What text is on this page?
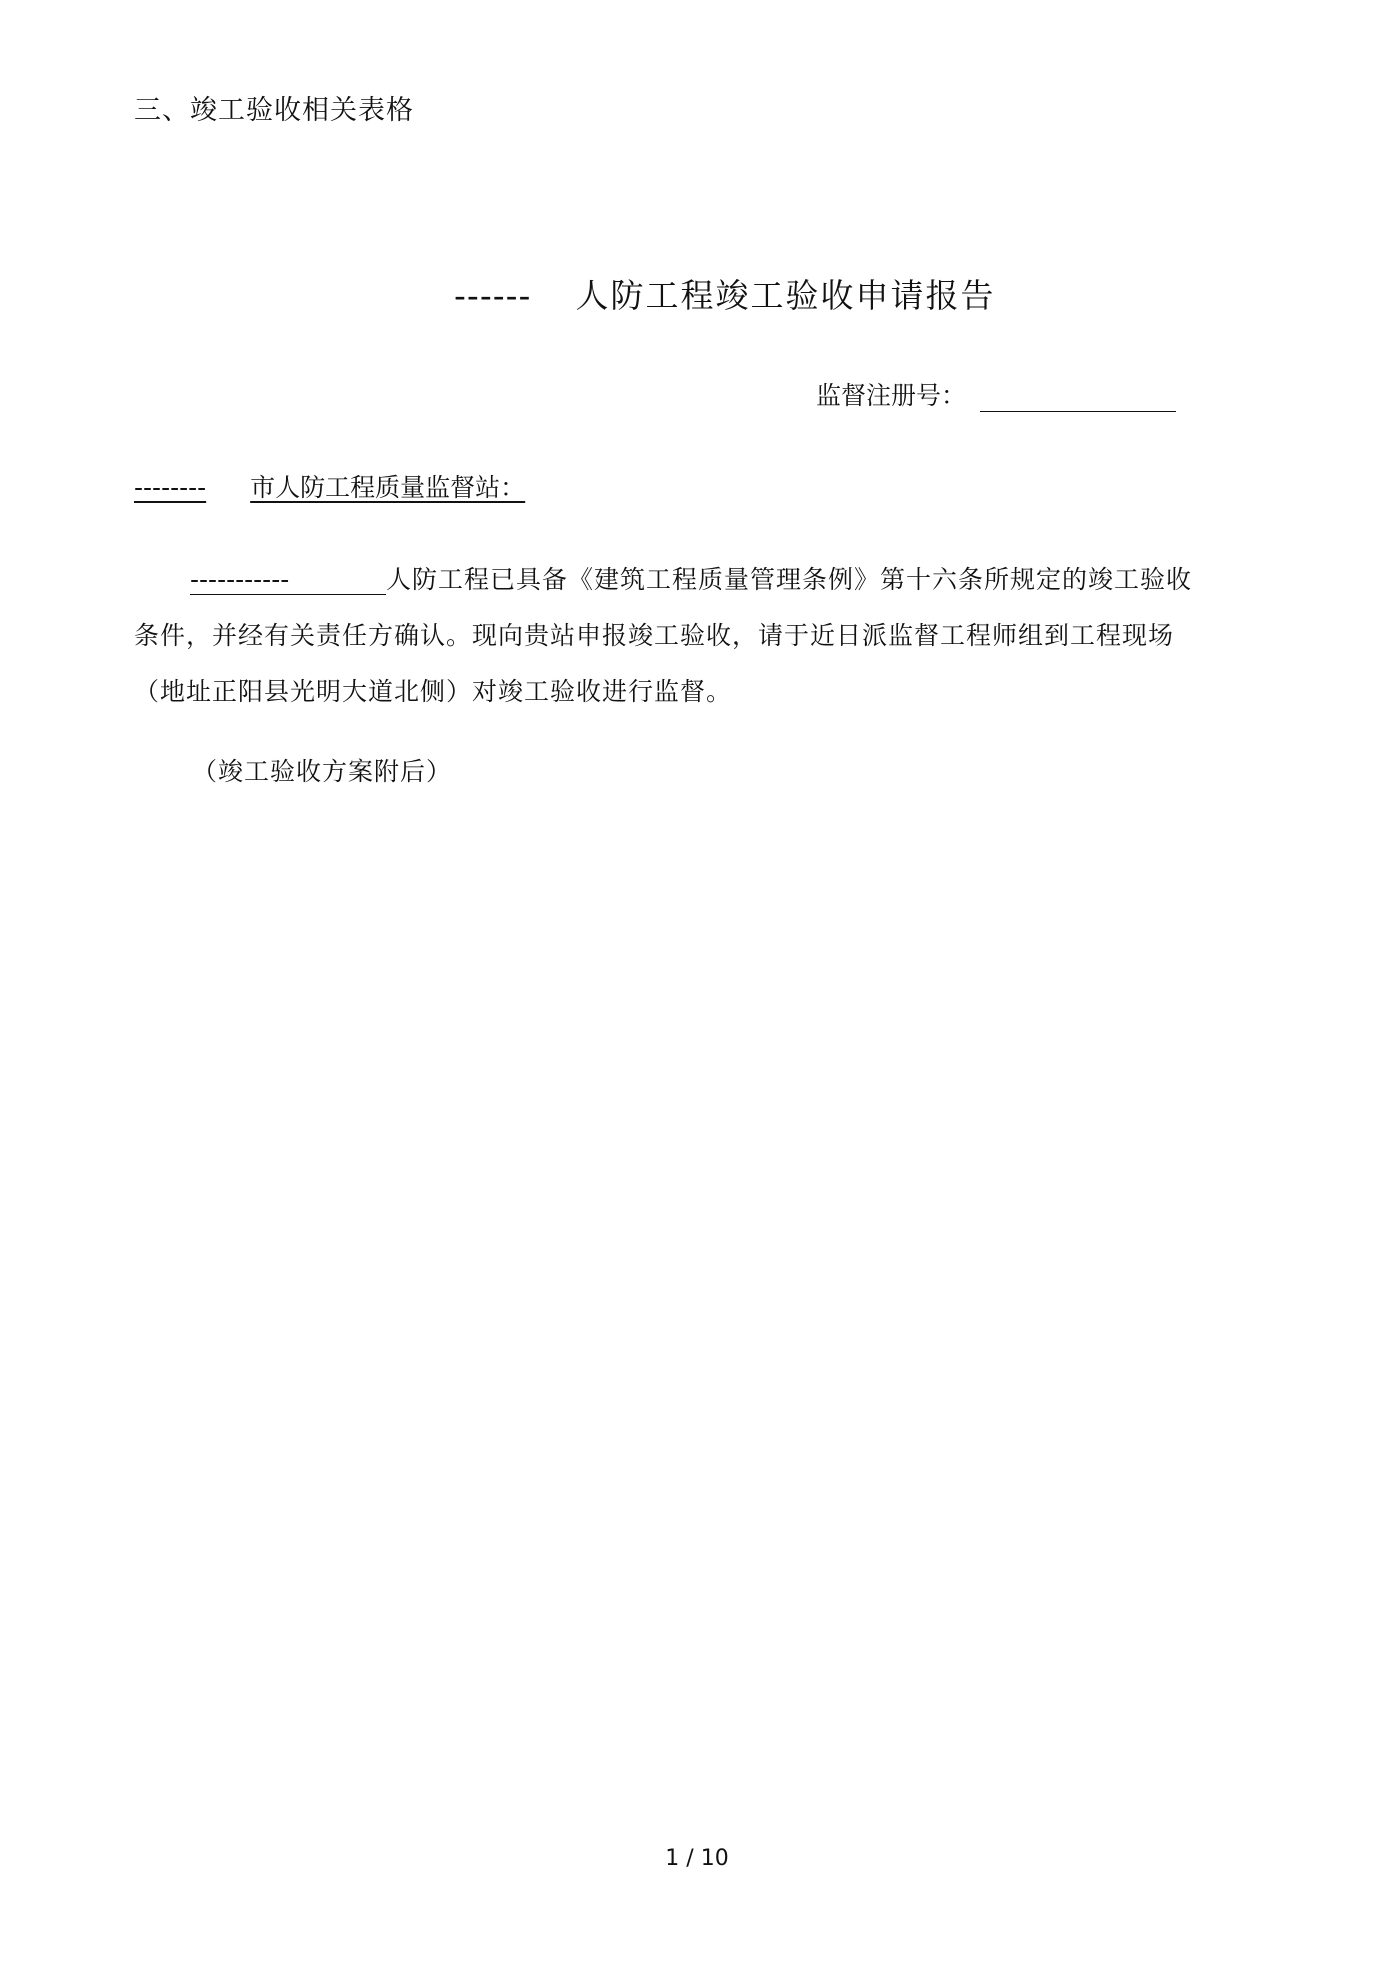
三、竣工验收相关表格
------ 人防工程竣工验收申请报告
监督注册号：
-------- 市人防工程质量监督站：
-----------	人防工程已具备《建筑工程质量管理条例》第十六条所规定的竣工验收
条件，并经有关责任方确认。现向贵站申报竣工验收，请于近日派监督工程师组到工程现场
（地址正阳县光明大道北侧）对竣工验收进行监督。
（竣工验收方案附后）
1 / 10
